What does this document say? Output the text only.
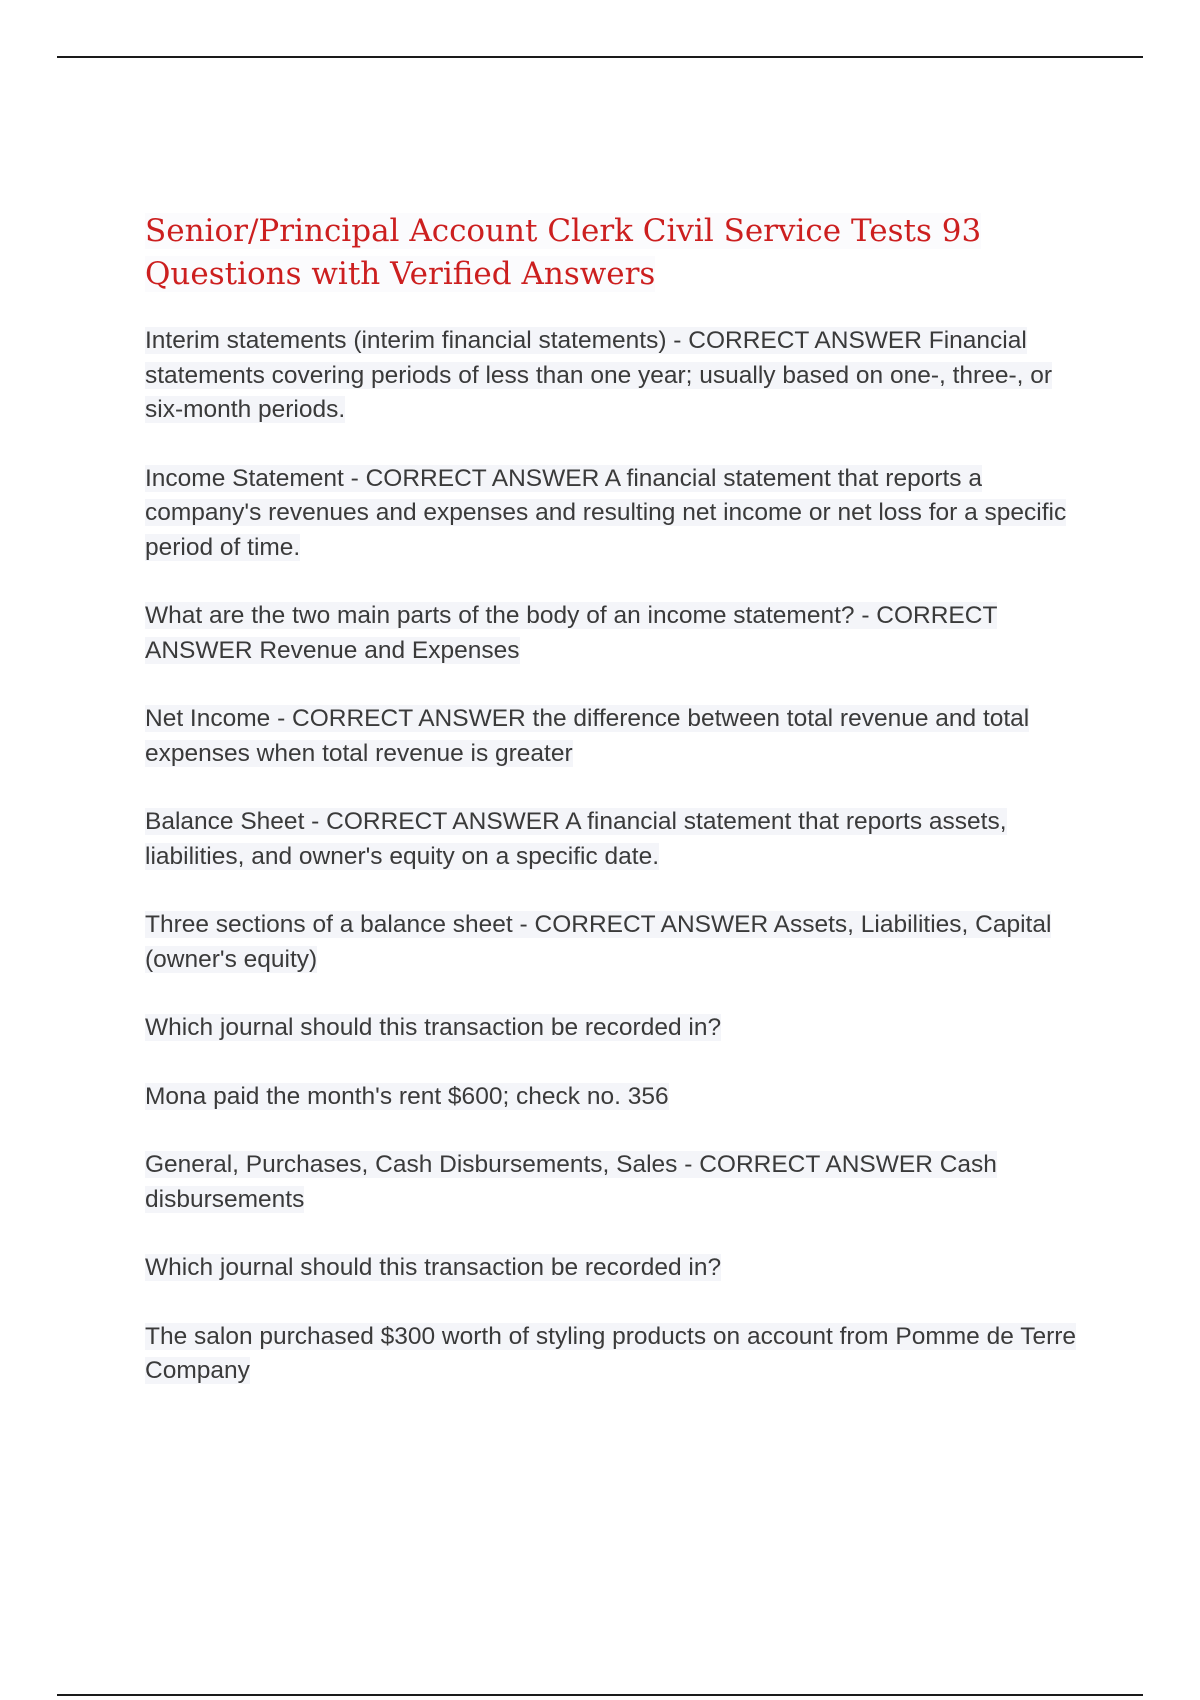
Senior/Principal Account Clerk Civil Service Tests 93 Questions with Verified Answers

Interim statements (interim financial statements) - CORRECT ANSWER Financial statements covering periods of less than one year; usually based on one-, three-, or six-month periods.

Income Statement - CORRECT ANSWER A financial statement that reports a company's revenues and expenses and resulting net income or net loss for a specific period of time.

What are the two main parts of the body of an income statement? - CORRECT ANSWER Revenue and Expenses

Net Income - CORRECT ANSWER the difference between total revenue and total expenses when total revenue is greater

Balance Sheet - CORRECT ANSWER A financial statement that reports assets, liabilities, and owner's equity on a specific date.

Three sections of a balance sheet - CORRECT ANSWER Assets, Liabilities, Capital (owner's equity)

Which journal should this transaction be recorded in?

Mona paid the month's rent $600; check no. 356

General, Purchases, Cash Disbursements, Sales - CORRECT ANSWER Cash disbursements

Which journal should this transaction be recorded in?

The salon purchased $300 worth of styling products on account from Pomme de Terre Company
